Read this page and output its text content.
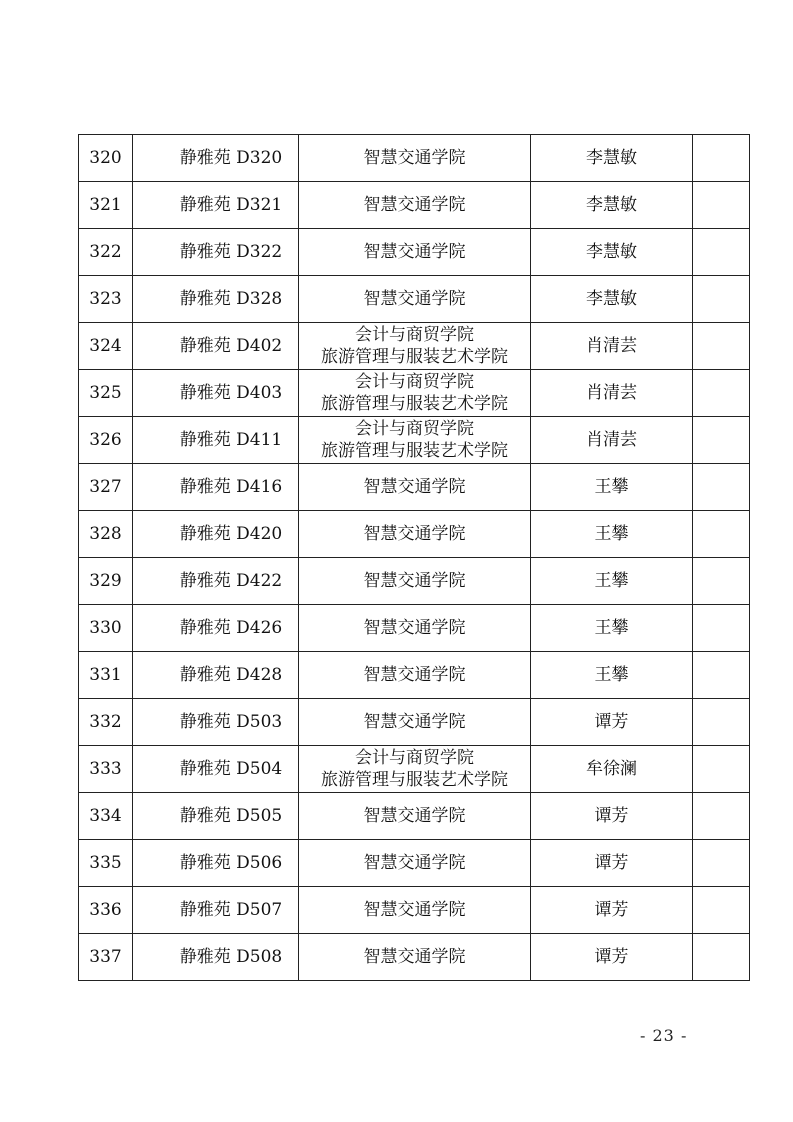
320	静雅苑 D320	智慧交通学院	李慧敏	
321	静雅苑 D321	智慧交通学院	李慧敏	
322	静雅苑 D322	智慧交通学院	李慧敏	
323	静雅苑 D328	智慧交通学院	李慧敏	
324	静雅苑 D402	会计与商贸学院
旅游管理与服装艺术学院	肖清芸	
325	静雅苑 D403	会计与商贸学院
旅游管理与服装艺术学院	肖清芸	
326	静雅苑 D411	会计与商贸学院
旅游管理与服装艺术学院	肖清芸	
327	静雅苑 D416	智慧交通学院	王攀	
328	静雅苑 D420	智慧交通学院	王攀	
329	静雅苑 D422	智慧交通学院	王攀	
330	静雅苑 D426	智慧交通学院	王攀	
331	静雅苑 D428	智慧交通学院	王攀	
332	静雅苑 D503	智慧交通学院	谭芳	
333	静雅苑 D504	会计与商贸学院
旅游管理与服装艺术学院	牟徐澜	
334	静雅苑 D505	智慧交通学院	谭芳	
335	静雅苑 D506	智慧交通学院	谭芳	
336	静雅苑 D507	智慧交通学院	谭芳	
337	静雅苑 D508	智慧交通学院	谭芳	
- 23 -
